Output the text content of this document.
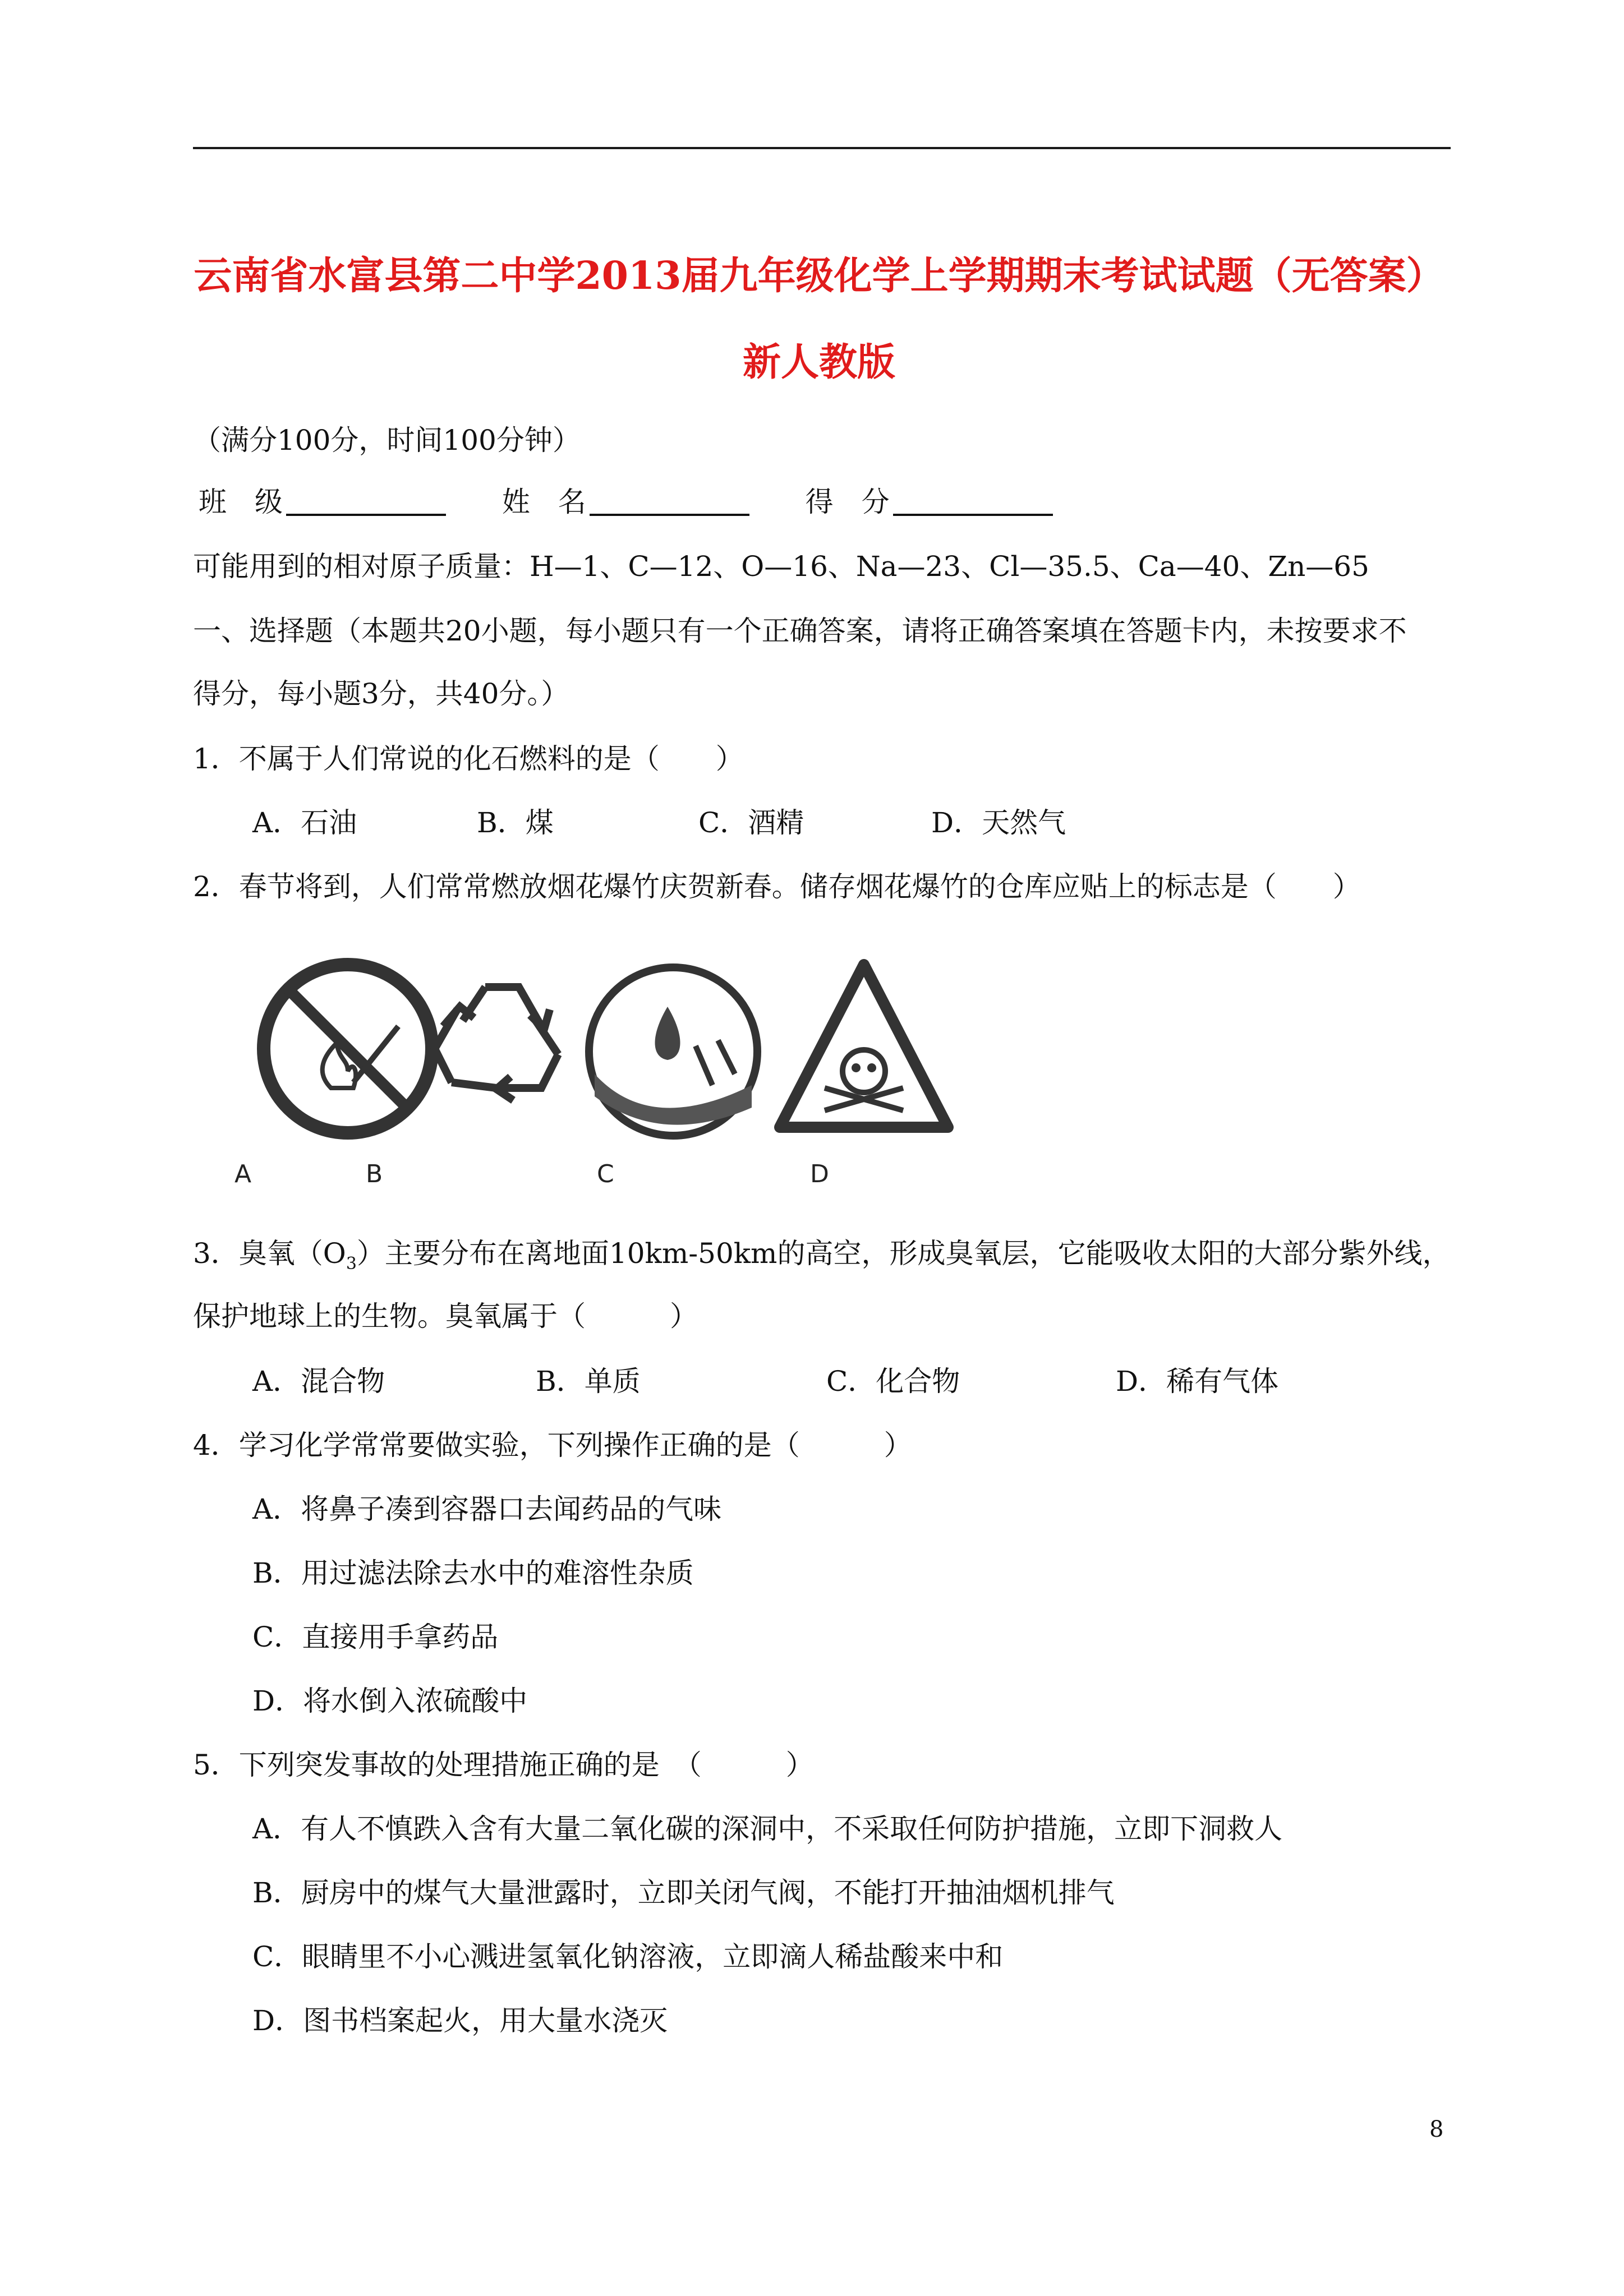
云南省水富县第二中学2013届九年级化学上学期期末考试试题（无答案）
新人教版
（满分100分，时间100分钟）
班　级	姓　名	得　分
可能用到的相对原子质量：H—1、C—12、O—16、Na—23、Cl—35.5、Ca—40、Zn—65
一、选择题（本题共20小题，每小题只有一个正确答案，请将正确答案填在答题卡内，未按要求不
得分，每小题3分，共40分。）
1．不属于人们常说的化石燃料的是（　　）
A．石油	B．煤	C．酒精	D．天然气
2．春节将到，人们常常燃放烟花爆竹庆贺新春。储存烟花爆竹的仓库应贴上的标志是（　　）
A	B	C	D
3．臭氧$(O_3)$主要分布在离地面10km-50km的高空，形成臭氧层，它能吸收太阳的大部分紫外线，
保护地球上的生物。臭氧属于（　　　）
A．混合物	B．单质	C．化合物	D．稀有气体
4．学习化学常常要做实验，下列操作正确的是（　　　）
A．将鼻子凑到容器口去闻药品的气味
B．用过滤法除去水中的难溶性杂质
C．直接用手拿药品
D．将水倒入浓硫酸中
5．下列突发事故的处理措施正确的是　（　　　）
A．有人不慎跌入含有大量二氧化碳的深洞中，不采取任何防护措施，立即下洞救人
B．厨房中的煤气大量泄露时，立即关闭气阀，不能打开抽油烟机排气
C．眼睛里不小心溅进氢氧化钠溶液，立即滴人稀盐酸来中和
D．图书档案起火，用大量水浇灭
8
